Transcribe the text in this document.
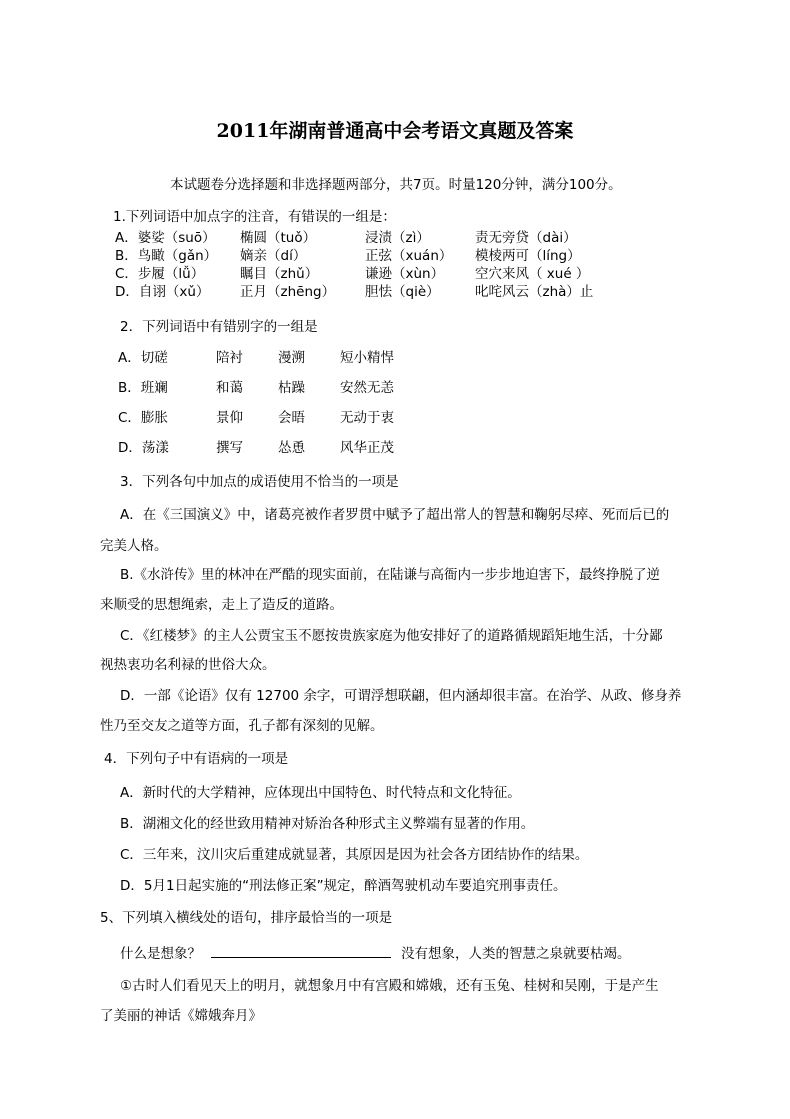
2011年湖南普通高中会考语文真题及答案
本试题卷分选择题和非选择题两部分，共7页。时量120分钟，满分100分。
1.下列词语中加点字的注音，有错误的一组是：
A．婆娑（suō）	椭圆（tuǒ）	浸渍（zì）	责无旁贷（dài）
B．鸟瞰（gǎn）	嫡亲（dí）	正弦（xuán）	模棱两可（líng）
C．步履（lǚ）	瞩目（zhǔ）	谦逊（xùn）	空穴来风（ xué ）
D．自诩（xǔ）	正月（zhēng）	胆怯（qiè）	叱咤风云（zhà）止
2．下列词语中有错别字的一组是
A．切磋	陪衬	漫溯	短小精悍
B．班斓	和蔼	枯躁	安然无恙
C．膨胀	景仰	会晤	无动于衷
D．荡漾	撰写	怂恿	风华正茂
3．下列各句中加点的成语使用不恰当的一项是
A．在《三国演义》中，诸葛亮被作者罗贯中赋予了超出常人的智慧和鞠躬尽瘁、死而后已的
完美人格。
B.《水浒传》里的林冲在严酷的现实面前，在陆谦与高衙内一步步地迫害下，最终挣脱了逆
来顺受的思想绳索，走上了造反的道路。
C．《红楼梦》的主人公贾宝玉不愿按贵族家庭为他安排好了的道路循规蹈矩地生活，十分鄙
视热衷功名利禄的世俗大众。
D．一部《论语》仅有 12700 余字，可谓浮想联翩，但内涵却很丰富。在治学、从政、修身养
性乃至交友之道等方面，孔子都有深刻的见解。
4．下列句子中有语病的一项是
A．新时代的大学精神，应体现出中国特色、时代特点和文化特征。
B．湖湘文化的经世致用精神对矫治各种形式主义弊端有显著的作用。
C．三年来，汶川灾后重建成就显著，其原因是因为社会各方团结协作的结果。
D．5月1日起实施的“刑法修正案”规定，醉酒驾驶机动车要追究刑事责任。
5、下列填入横线处的语句，排序最恰当的一项是
什么是想象？	没有想象，人类的智慧之泉就要枯竭。
①古时人们看见天上的明月，就想象月中有宫殿和嫦娥，还有玉兔、桂树和吴刚，于是产生
了美丽的神话《嫦娥奔月》
